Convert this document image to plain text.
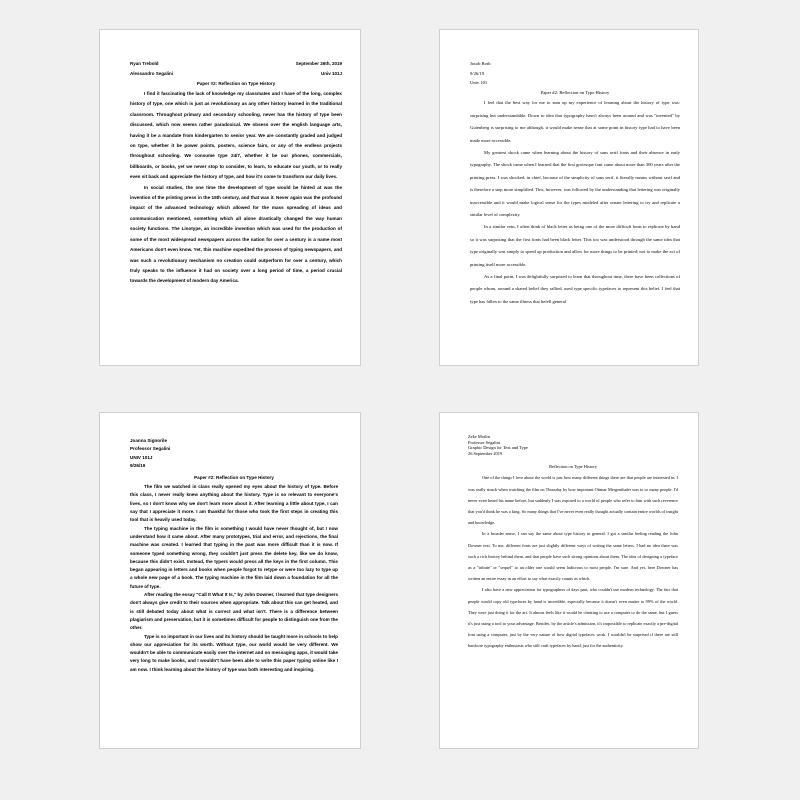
Ryan Trebold	September 26th, 2019
Alessandro Segalini	Univ 101J
Paper #2: Reflection on Type History

I find it fascinating the lack of knowledge my classmates and I have of the long, complex history of type, one which is just as revolutionary as any other history learned in the traditional classroom. Throughout primary and secondary schooling, never has the history of type been discussed, which now seems rather paradoxical. We obsess over the english language arts, having it be a mandate from kindergarten to senior year. We are constantly graded and judged on type, whether it be power points, posters, science fairs, or any of the endless projects throughout schooling. We consume type 24/7, whether it be our phones, commercials, billboards, or books, yet we never stop to consider, to learn, to educate our youth, or to really even sit back and appreciate the history of type, and how it's come to transform our daily lives.

In social studies, the one time the development of type would be hinted at was the invention of the printing press in the 15th century, and that was it. Never again was the profound impact of the advanced technology which allowed for the mass spreading of ideas and communication mentioned, something which all alone drastically changed the way human society functions. The Linotype, an incredible invention which was used for the production of some of the most widespread newspapers across the nation for over a century is a name most Americans don't even know. Yet, this machine expedited the process of typing newspapers, and was such a revolutionary mechanism no creation could outperform for over a century, which truly speaks to the influence it had on society over a long period of time, a period crucial towards the development of modern day America.

Jacob Roth
9/26/19
Univ 101
Paper #2: Reflection on Type History

I feel that the best way for me to sum up my experience of learning about the history of type was: surprising but understandable. Down to idea that typography hasn't always been around and was "invented" by Gutenberg is surprising to me although, it would make sense that at some point in history type had to have been made more accessible.

My greatest shock came when learning about the history of sans serif fonts and their absence in early typography. The shock came when I learned that the first grotesque font came about more than 300 years after the printing press. I was shocked, in chief, because of the simplicity of sans serif, it literally means without serif and is therefore a step more simplified. This, however, was followed by the understanding that lettering was originally inaccessible and it would make logical sense for the types modeled after ornate lettering to try and replicate a similar level of complexity.

In a similar vein, I often think of black letter as being one of the more difficult fonts to replicate by hand so it was surprising that the first fonts had been black letter. This too was understood through the same idea that type originally was simply to speed up production and allow for more things to be printed; not to make the act of printing itself more accessible.

As a final point, I was delightfully surprised to learn that throughout time, there have been collections of people whom, around a shared belief they rallied, used type specific typefaces to represent this belief. I feel that type has fallen to the same illness that befell general

Joanna Signorile
Professor Segalini
UNIV 101J
9/26/19
Paper #2: Reflection on Type History

The film we watched in class really opened my eyes about the history of type. Before this class, I never really knew anything about the history. Type is so relevant to everyone's lives, so I don't know why we don't learn more about it. After learning a little about type, I can say that I appreciate it more. I am thankful for those who took the first steps in creating this tool that is heavily used today.

The typing machine in the film is something I would have never thought of, but I now understand how it came about. After many prototypes, trial and error, and rejections, the final machine was created. I learned that typing in the past was more difficult than it is now. If someone typed something wrong, they couldn't just press the delete key, like we do know, because this didn't exist. Instead, the typers would press all the keys in the first column. This began appearing in letters and books when people forgot to retype or were too lazy to type up a whole new page of a book. The typing machine in the film laid down a foundation for all the future of type.

After reading the essay "Call It What It Is," by John Downer, I learned that type designers don't always give credit to their sources when appropriate. Talk about this can get heated, and is still debated today about what is correct and what isn't. There is a difference between plagiarism and preservation, but it is sometimes difficult for people to distinguish one from the other.

Type is so important in our lives and its history should be taught more in schools to help show our appreciation for its worth. Without type, our world would be very different. We wouldn't be able to communicate easily over the internet and on messaging apps, it would take very long to make books, and I wouldn't have been able to write this paper typing online like I am now. I think learning about the history of type was both interesting and inspiring.

Zeke Motlin
Professor Segalini
Graphic Design for Text and Type
26 September 2019
Reflection on Type History

One of the things I love about the world is just how many different things there are that people are interested in. I was really struck when watching the film on Thursday by how important Ottmar Mergenthaler was to so many people. I'd never even heard his name before, but suddenly I was exposed to a world of people who refer to him with such reverence that you'd think he was a king. So many things that I've never even really thought actually contain entire worlds of insight and knowledge.

In a broader sense, I can say the same about type history in general. I got a similar feeling reading the John Downer text. To me, different fonts are just slightly different ways of writing the same letters. I had no idea there was such a rich history behind them, and that people have such strong opinions about them. The idea of designing a typeface as a "tribute" or "sequel" to an older one would seem ludicrous to most people, I'm sure. And yet, here Downer has written an entire essay in an effort to say what exactly counts as which.

I also have a new appreciation for typographers of days past, who couldn't use modern technology. The fact that people would copy old typefaces by hand is incredible, especially because it doesn't even matter to 99% of the world. They were just doing it for the art. It almost feels like it would be cheating to use a computer to do the same, but I guess it's just using a tool to your advantage. Besides, by the article's admission, it's impossible to replicate exactly a pre-digital font using a computer, just by the very nature of how digital typefaces work. I wouldn't be surprised if there are still hardcore typography enthusiasts who still craft typefaces by hand, just for the authenticity.
